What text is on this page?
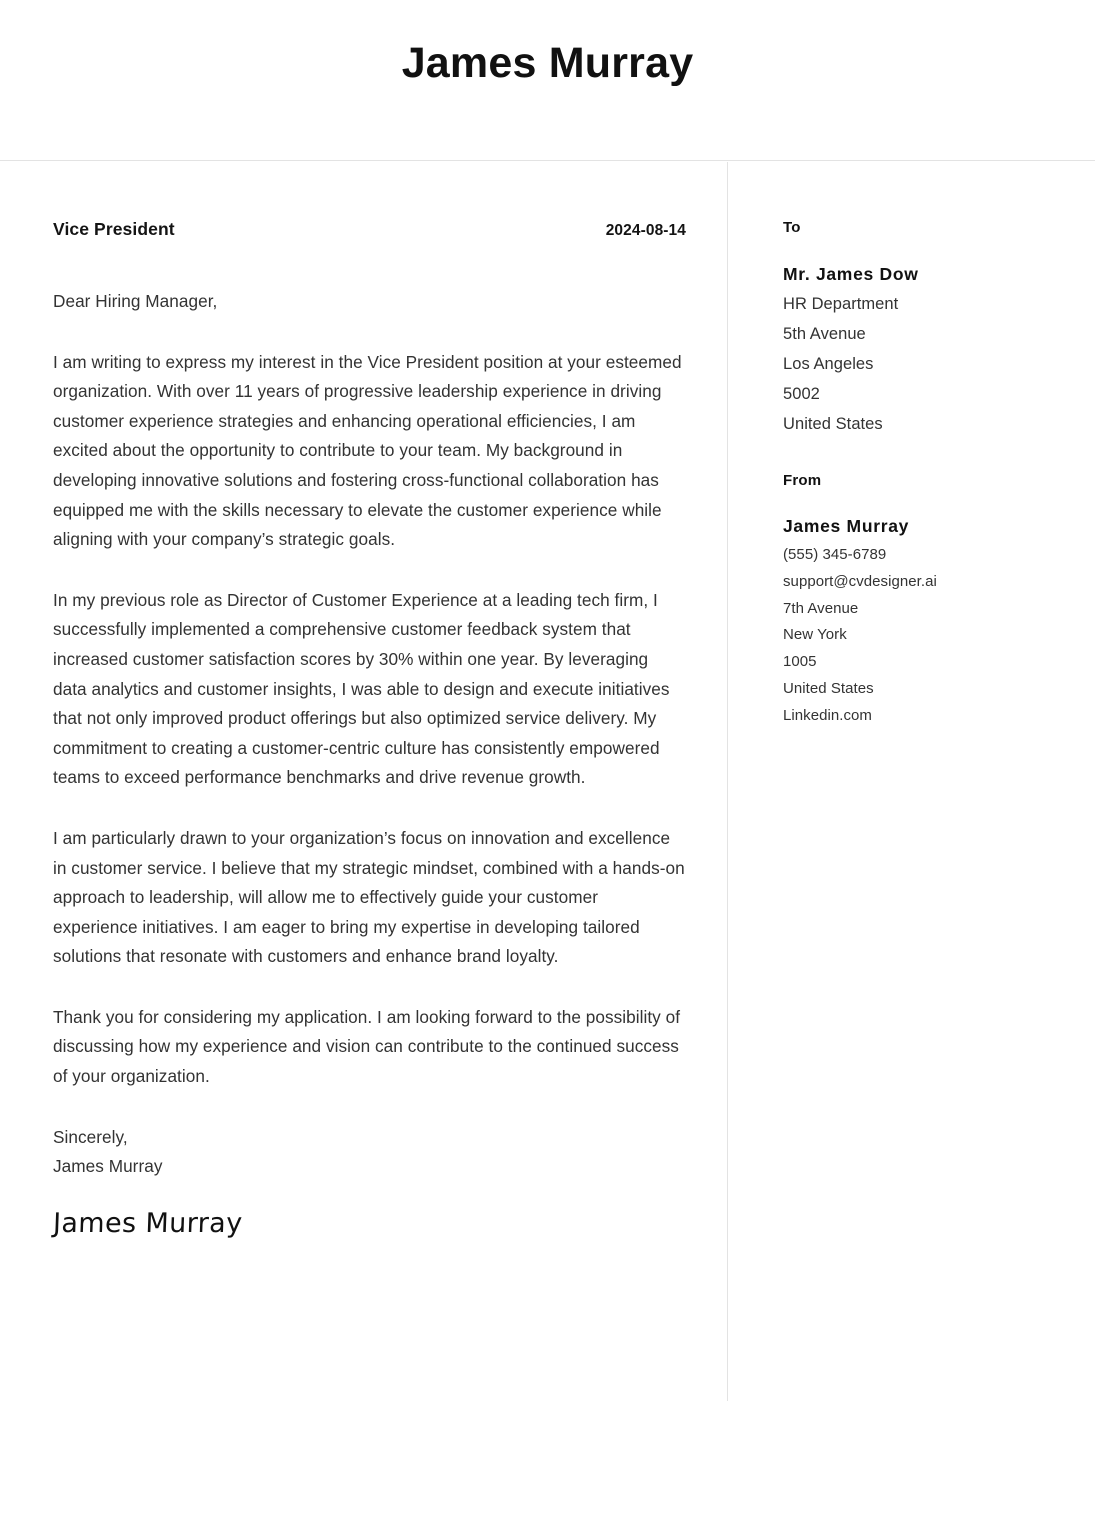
James Murray
Vice President	2024-08-14

Dear Hiring Manager,

I am writing to express my interest in the Vice President position at your esteemed organization. With over 11 years of progressive leadership experience in driving customer experience strategies and enhancing operational efficiencies, I am excited about the opportunity to contribute to your team. My background in developing innovative solutions and fostering cross-functional collaboration has equipped me with the skills necessary to elevate the customer experience while aligning with your company’s strategic goals.

In my previous role as Director of Customer Experience at a leading tech firm, I successfully implemented a comprehensive customer feedback system that increased customer satisfaction scores by 30% within one year. By leveraging data analytics and customer insights, I was able to design and execute initiatives that not only improved product offerings but also optimized service delivery. My commitment to creating a customer-centric culture has consistently empowered teams to exceed performance benchmarks and drive revenue growth.

I am particularly drawn to your organization’s focus on innovation and excellence in customer service. I believe that my strategic mindset, combined with a hands-on approach to leadership, will allow me to effectively guide your customer experience initiatives. I am eager to bring my expertise in developing tailored solutions that resonate with customers and enhance brand loyalty.

Thank you for considering my application. I am looking forward to the possibility of discussing how my experience and vision can contribute to the continued success of your organization.

Sincerely,
James Murray
James Murray

To

Mr. James Dow

HR Department

5th Avenue

Los Angeles

5002

United States

From

James Murray

(555) 345-6789

support@cvdesigner.ai

7th Avenue

New York

1005

United States

Linkedin.com
